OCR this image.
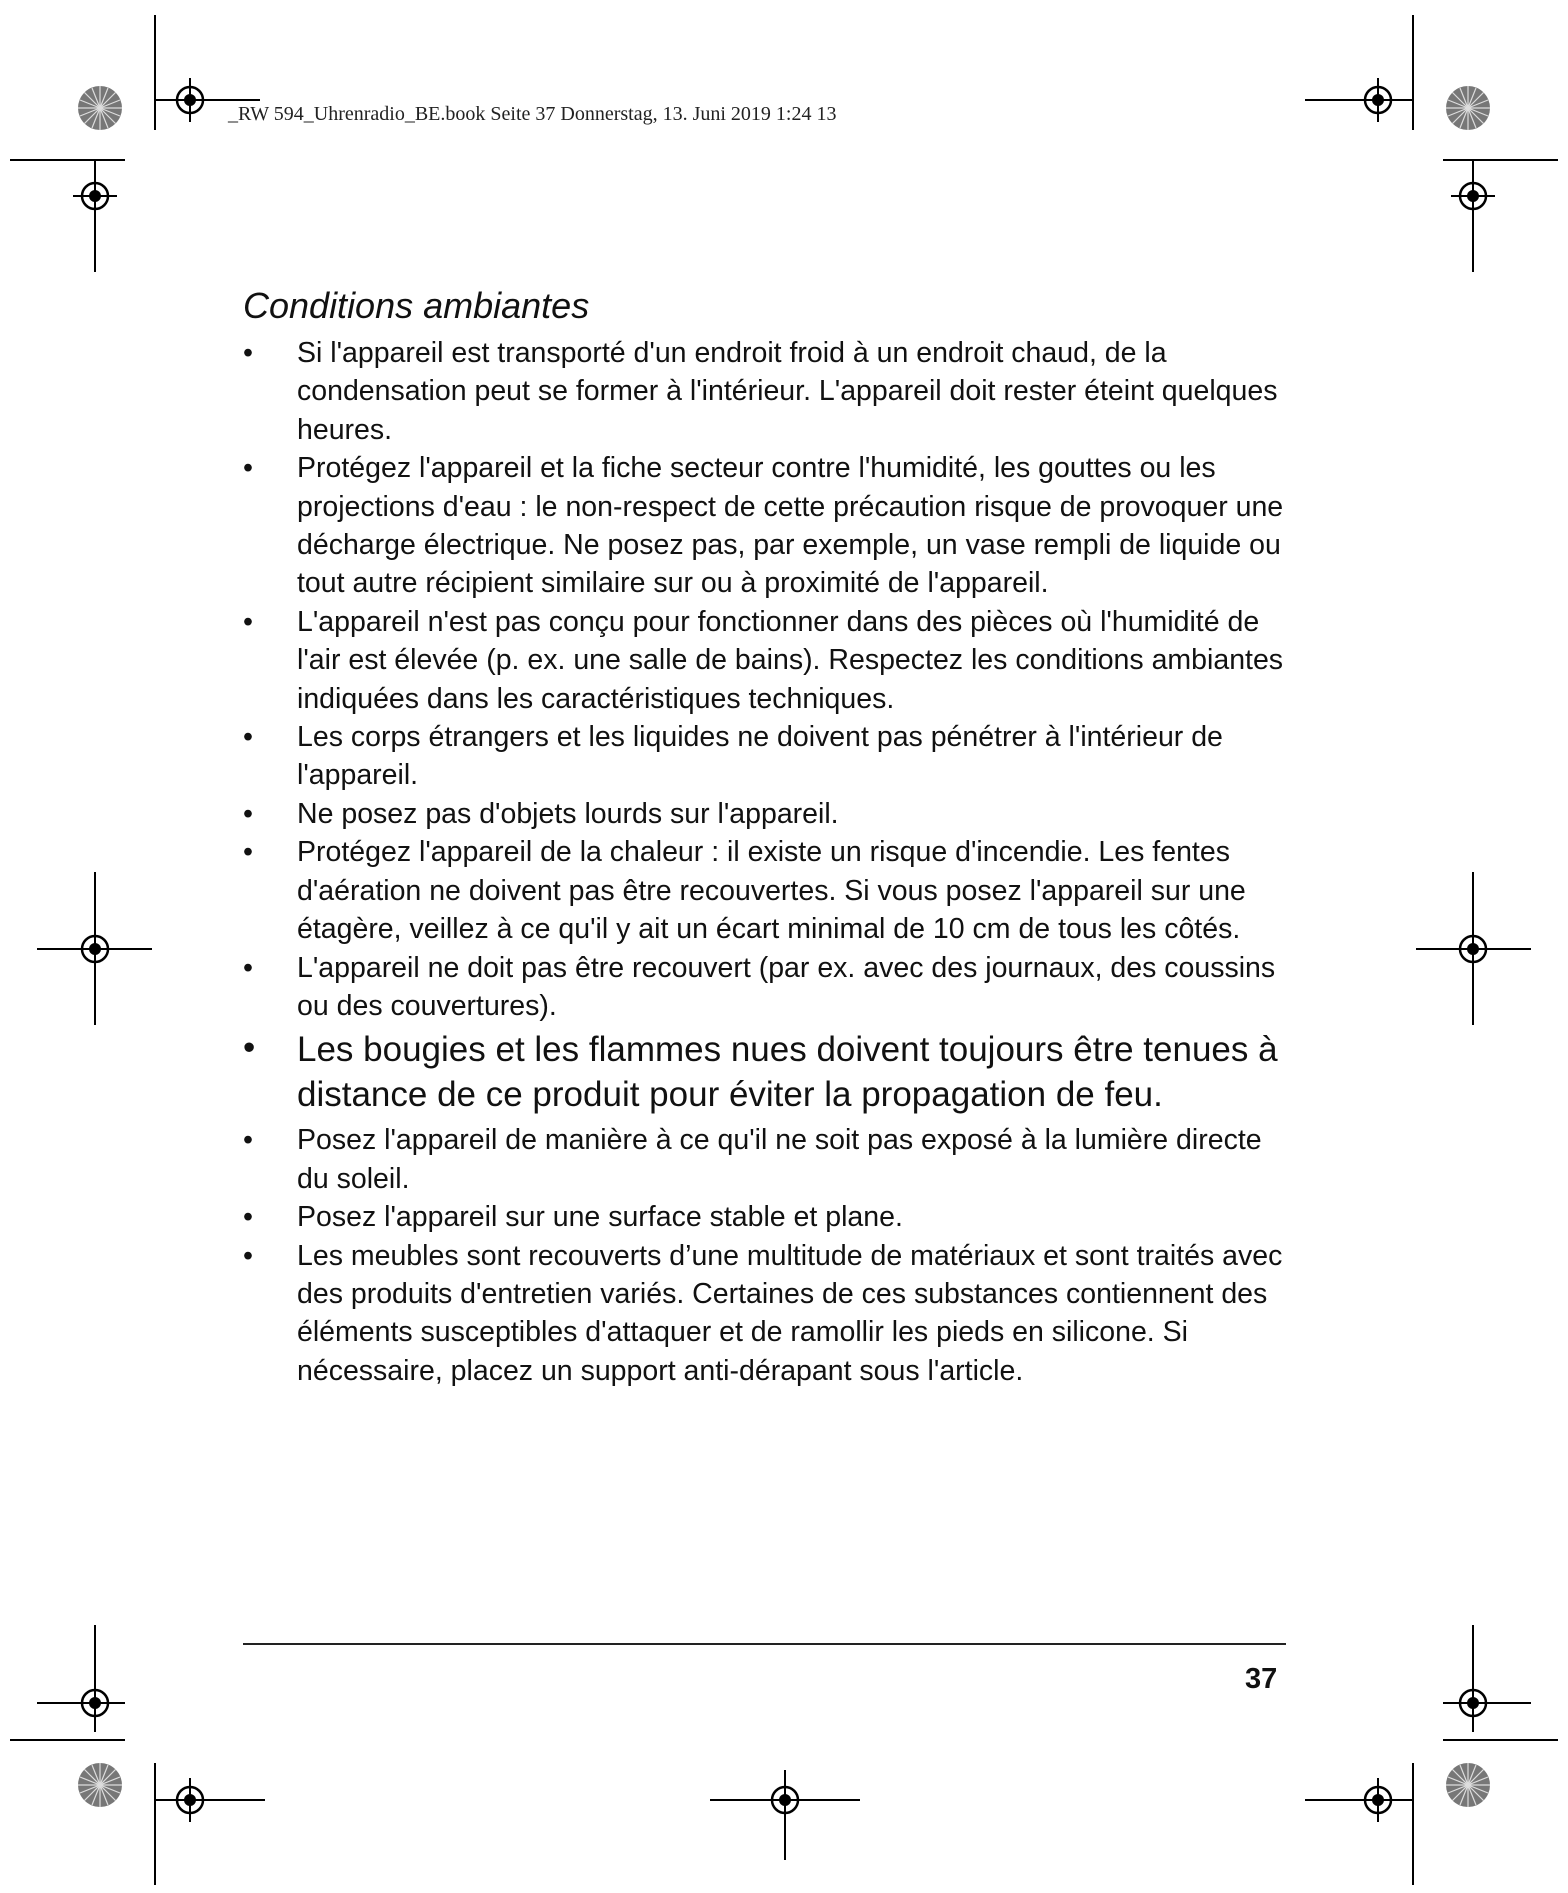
_RW 594_Uhrenradio_BE.book Seite 37 Donnerstag, 13. Juni 2019 1:24 13
Conditions ambiantes
• Si l'appareil est transporté d'un endroit froid à un endroit chaud, de la condensation peut se former à l'intérieur. L'appareil doit rester éteint quelques heures.
• Protégez l'appareil et la fiche secteur contre l'humidité, les gouttes ou les projections d'eau : le non-respect de cette précaution risque de provoquer une décharge électrique. Ne posez pas, par exemple, un vase rempli de liquide ou tout autre récipient similaire sur ou à proximité de l'appareil.
• L'appareil n'est pas conçu pour fonctionner dans des pièces où l'humidité de l'air est élevée (p. ex. une salle de bains). Respectez les conditions ambiantes indiquées dans les caractéristiques techniques.
• Les corps étrangers et les liquides ne doivent pas pénétrer à l'intérieur de l'appareil.
• Ne posez pas d'objets lourds sur l'appareil.
• Protégez l'appareil de la chaleur : il existe un risque d'incendie. Les fentes d'aération ne doivent pas être recouvertes. Si vous posez l'appareil sur une étagère, veillez à ce qu'il y ait un écart minimal de 10 cm de tous les côtés.
• L'appareil ne doit pas être recouvert (par ex. avec des journaux, des coussins ou des couvertures).
• Les bougies et les flammes nues doivent toujours être tenues à distance de ce produit pour éviter la propagation de feu.
• Posez l'appareil de manière à ce qu'il ne soit pas exposé à la lumière directe du soleil.
• Posez l'appareil sur une surface stable et plane.
• Les meubles sont recouverts d’une multitude de matériaux et sont traités avec des produits d'entretien variés. Certaines de ces substances contiennent des éléments susceptibles d'attaquer et de ramollir les pieds en silicone. Si nécessaire, placez un support anti-dérapant sous l'article.
37
